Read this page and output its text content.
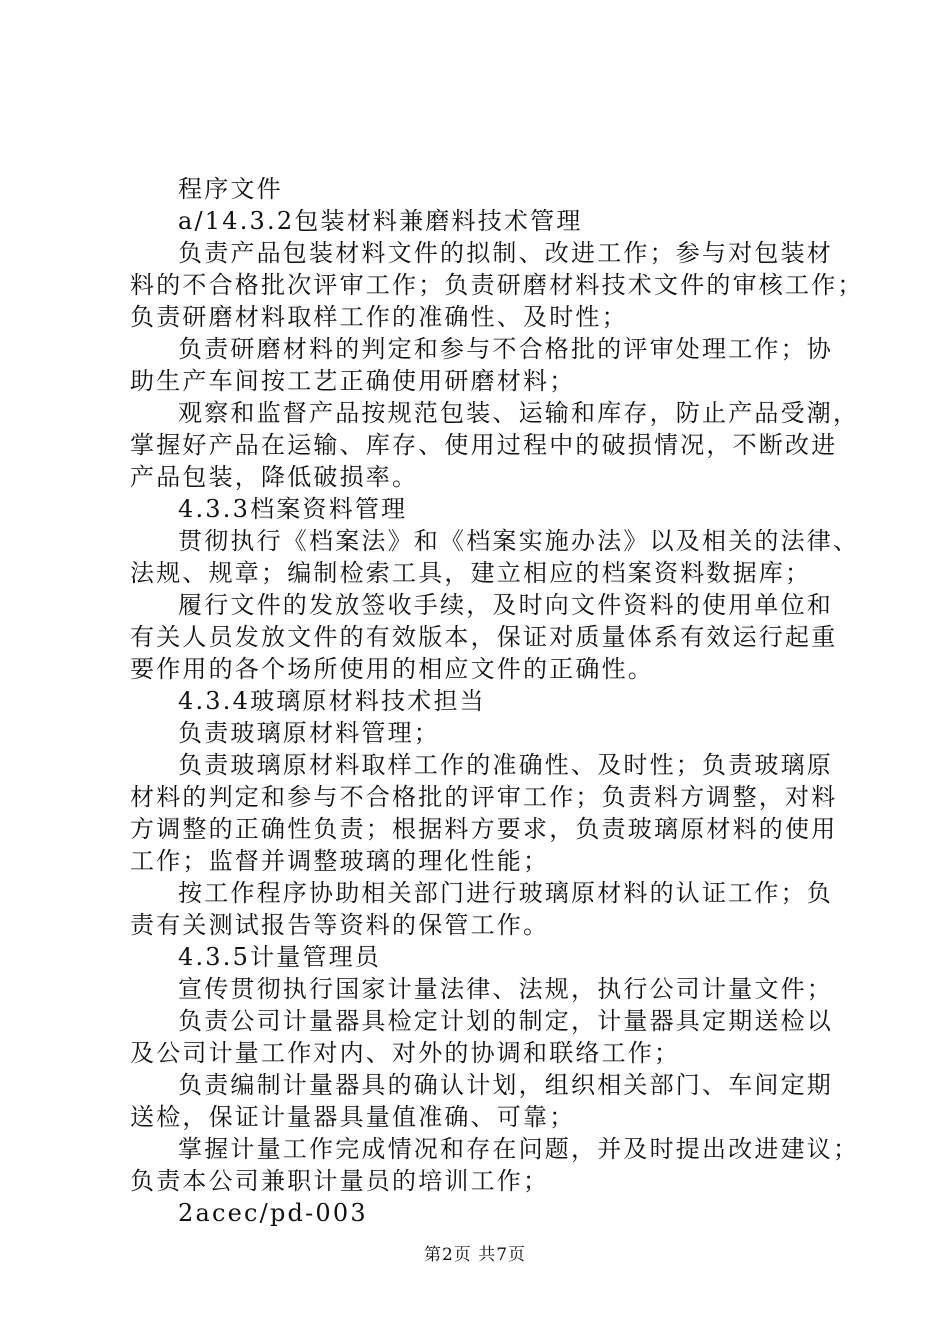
程序文件
a/14.3.2包装材料兼磨料技术管理
负责产品包装材料文件的拟制、改进工作；参与对包装材
料的不合格批次评审工作；负责研磨材料技术文件的审核工作；
负责研磨材料取样工作的准确性、及时性；
负责研磨材料的判定和参与不合格批的评审处理工作；协
助生产车间按工艺正确使用研磨材料；
观察和监督产品按规范包装、运输和库存，防止产品受潮，
掌握好产品在运输、库存、使用过程中的破损情况，不断改进
产品包装，降低破损率。
4.3.3档案资料管理
贯彻执行《档案法》和《档案实施办法》以及相关的法律、
法规、规章；编制检索工具，建立相应的档案资料数据库；
履行文件的发放签收手续，及时向文件资料的使用单位和
有关人员发放文件的有效版本，保证对质量体系有效运行起重
要作用的各个场所使用的相应文件的正确性。
4.3.4玻璃原材料技术担当
负责玻璃原材料管理；
负责玻璃原材料取样工作的准确性、及时性；负责玻璃原
材料的判定和参与不合格批的评审工作；负责料方调整，对料
方调整的正确性负责；根据料方要求，负责玻璃原材料的使用
工作；监督并调整玻璃的理化性能；
按工作程序协助相关部门进行玻璃原材料的认证工作；负
责有关测试报告等资料的保管工作。
4.3.5计量管理员
宣传贯彻执行国家计量法律、法规，执行公司计量文件；
负责公司计量器具检定计划的制定，计量器具定期送检以
及公司计量工作对内、对外的协调和联络工作；
负责编制计量器具的确认计划，组织相关部门、车间定期
送检，保证计量器具量值准确、可靠；
掌握计量工作完成情况和存在问题，并及时提出改进建议；
负责本公司兼职计量员的培训工作；
2acec/pd-003
第2页 共7页
